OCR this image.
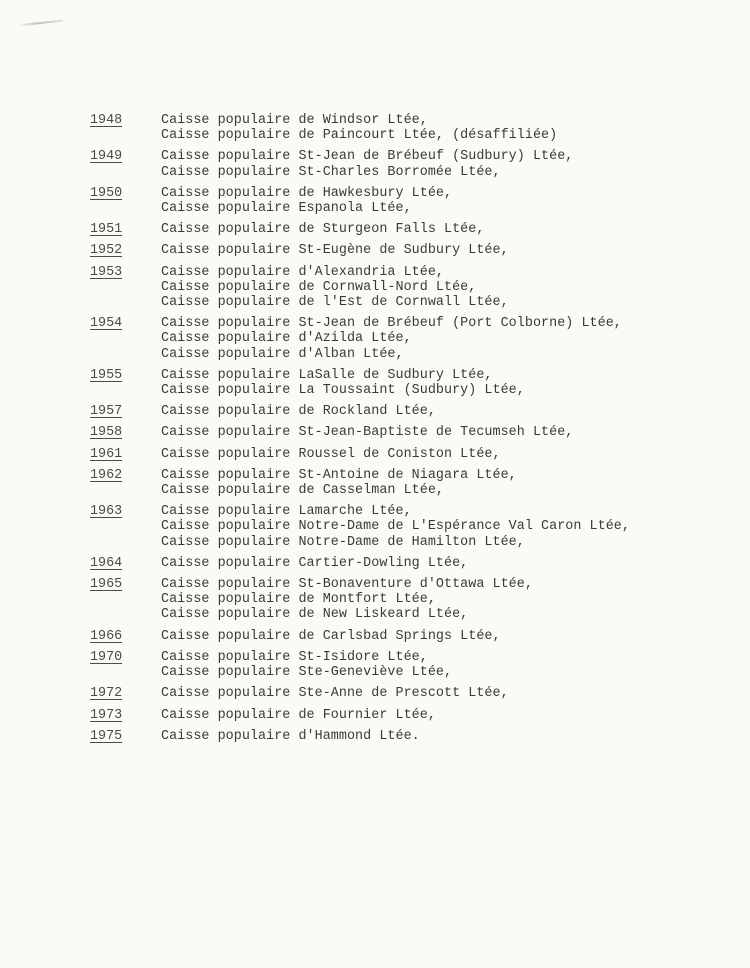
1948	Caisse populaire de Windsor Ltée,
Caisse populaire de Paincourt Ltée, (désaffiliée)
1949	Caisse populaire St-Jean de Brébeuf (Sudbury) Ltée,
Caisse populaire St-Charles Borromée Ltée,
1950	Caisse populaire de Hawkesbury Ltée,
Caisse populaire Espanola Ltée,
1951	Caisse populaire de Sturgeon Falls Ltée,
1952	Caisse populaire St-Eugène de Sudbury Ltée,
1953	Caisse populaire d'Alexandria Ltée,
Caisse populaire de Cornwall-Nord Ltée,
Caisse populaire de l'Est de Cornwall Ltée,
1954	Caisse populaire St-Jean de Brébeuf (Port Colborne) Ltée,
Caisse populaire d'Azilda Ltée,
Caisse populaire d'Alban Ltée,
1955	Caisse populaire LaSalle de Sudbury Ltée,
Caisse populaire La Toussaint (Sudbury) Ltée,
1957	Caisse populaire de Rockland Ltée,
1958	Caisse populaire St-Jean-Baptiste de Tecumseh Ltée,
1961	Caisse populaire Roussel de Coniston Ltée,
1962	Caisse populaire St-Antoine de Niagara Ltée,
Caisse populaire de Casselman Ltée,
1963	Caisse populaire Lamarche Ltée,
Caisse populaire Notre-Dame de L'Espérance Val Caron Ltée,
Caisse populaire Notre-Dame de Hamilton Ltée,
1964	Caisse populaire Cartier-Dowling Ltée,
1965	Caisse populaire St-Bonaventure d'Ottawa Ltée,
Caisse populaire de Montfort Ltée,
Caisse populaire de New Liskeard Ltée,
1966	Caisse populaire de Carlsbad Springs Ltée,
1970	Caisse populaire St-Isidore Ltée,
Caisse populaire Ste-Geneviève Ltée,
1972	Caisse populaire Ste-Anne de Prescott Ltée,
1973	Caisse populaire de Fournier Ltée,
1975	Caisse populaire d'Hammond Ltée.
